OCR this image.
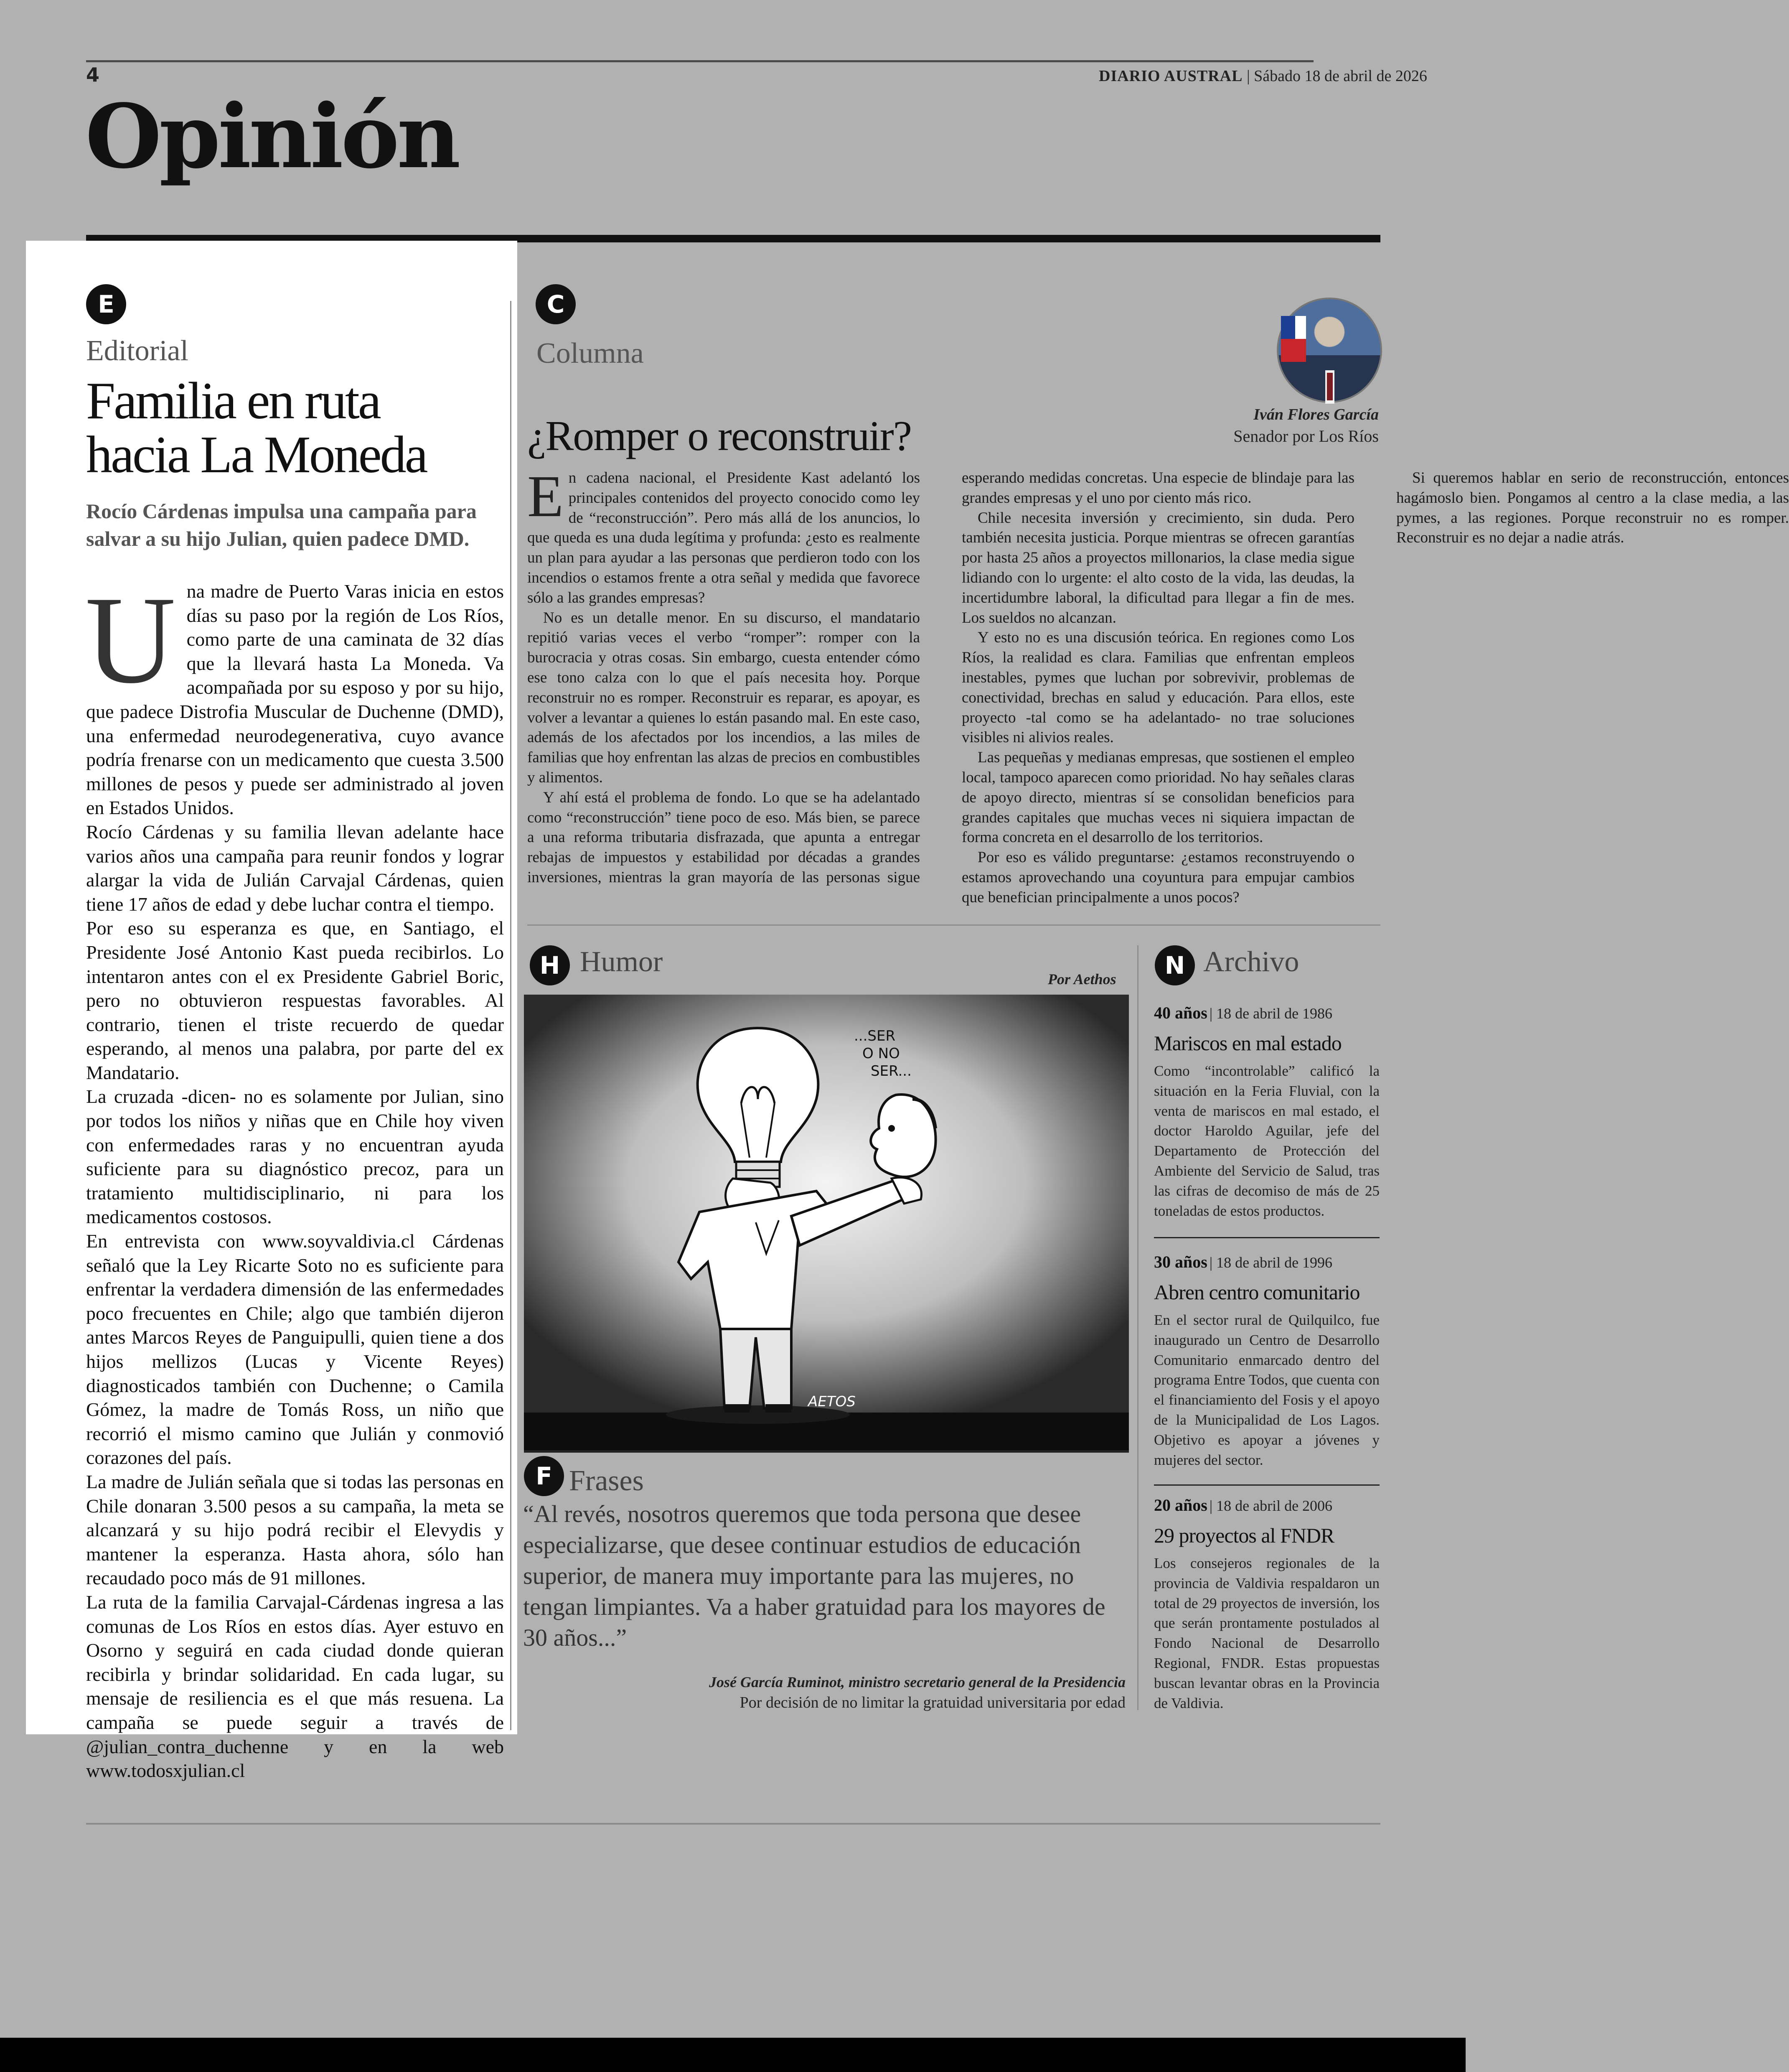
4	DIARIO AUSTRAL | Sábado 18 de abril de 2026
Opinión
E
Editorial
Familia en ruta
hacia La Moneda
Rocío Cárdenas impulsa una campaña para salvar a su hijo Julian, quien padece DMD.

Una madre de Puerto Varas inicia en estos días su paso por la región de Los Ríos, como parte de una caminata de 32 días que la llevará hasta La Moneda. Va acompañada por su esposo y por su hijo, que padece Distrofia Muscular de Duchenne (DMD), una enfermedad neurodegenerativa, cuyo avance podría frenarse con un medicamento que cuesta 3.500 millones de pesos y puede ser administrado al joven en Estados Unidos.

Rocío Cárdenas y su familia llevan adelante hace varios años una campaña para reunir fondos y lograr alargar la vida de Julián Carvajal Cárdenas, quien tiene 17 años de edad y debe luchar contra el tiempo.

Por eso su esperanza es que, en Santiago, el Presidente José Antonio Kast pueda recibirlos. Lo intentaron antes con el ex Presidente Gabriel Boric, pero no obtuvieron respuestas favorables. Al contrario, tienen el triste recuerdo de quedar esperando, al menos una palabra, por parte del ex Mandatario.

La cruzada -dicen- no es solamente por Julian, sino por todos los niños y niñas que en Chile hoy viven con enfermedades raras y no encuentran ayuda suficiente para su diagnóstico precoz, para un tratamiento multidisciplinario, ni para los medicamentos costosos.

En entrevista con www.soyvaldivia.cl Cárdenas señaló que la Ley Ricarte Soto no es suficiente para enfrentar la verdadera dimensión de las enfermedades poco frecuentes en Chile; algo que también dijeron antes Marcos Reyes de Panguipulli, quien tiene a dos hijos mellizos (Lucas y Vicente Reyes) diagnosticados también con Duchenne; o Camila Gómez, la madre de Tomás Ross, un niño que recorrió el mismo camino que Julián y conmovió corazones del país.

La madre de Julián señala que si todas las personas en Chile donaran 3.500 pesos a su campaña, la meta se alcanzará y su hijo podrá recibir el Elevydis y mantener la esperanza. Hasta ahora, sólo han recaudado poco más de 91 millones.

La ruta de la familia Carvajal-Cárdenas ingresa a las comunas de Los Ríos en estos días. Ayer estuvo en Osorno y seguirá en cada ciudad donde quieran recibirla y brindar solidaridad. En cada lugar, su mensaje de resiliencia es el que más resuena. La campaña se puede seguir a través de @julian_contra_duchenne y en la web www.todosxjulian.cl

C
Columna
Iván Flores García
Senador por Los Ríos
¿Romper o reconstruir?

En cadena nacional, el Presidente Kast adelantó los principales contenidos del proyecto conocido como ley de “reconstrucción”. Pero más allá de los anuncios, lo que queda es una duda legítima y profunda: ¿esto es realmente un plan para ayudar a las personas que perdieron todo con los incendios o estamos frente a otra señal y medida que favorece sólo a las grandes empresas?

No es un detalle menor. En su discurso, el mandatario repitió varias veces el verbo “romper”: romper con la burocracia y otras cosas. Sin embargo, cuesta entender cómo ese tono calza con lo que el país necesita hoy. Porque reconstruir no es romper. Reconstruir es reparar, es apoyar, es volver a levantar a quienes lo están pasando mal. En este caso, además de los afectados por los incendios, a las miles de familias que hoy enfrentan las alzas de precios en combustibles y alimentos.

Y ahí está el problema de fondo. Lo que se ha adelantado como “reconstrucción” tiene poco de eso. Más bien, se parece a una reforma tributaria disfrazada, que apunta a entregar rebajas de impuestos y estabilidad por décadas a grandes inversiones, mientras la gran mayoría de las personas sigue esperando medidas concretas. Una especie de blindaje para las grandes empresas y el uno por ciento más rico.

Chile necesita inversión y crecimiento, sin duda. Pero también necesita justicia. Porque mientras se ofrecen garantías por hasta 25 años a proyectos millonarios, la clase media sigue lidiando con lo urgente: el alto costo de la vida, las deudas, la incertidumbre laboral, la dificultad para llegar a fin de mes. Los sueldos no alcanzan.

Y esto no es una discusión teórica. En regiones como Los Ríos, la realidad es clara. Familias que enfrentan empleos inestables, pymes que luchan por sobrevivir, problemas de conectividad, brechas en salud y educación. Para ellos, este proyecto -tal como se ha adelantado- no trae soluciones visibles ni alivios reales.

Las pequeñas y medianas empresas, que sostienen el empleo local, tampoco aparecen como prioridad. No hay señales claras de apoyo directo, mientras sí se consolidan beneficios para grandes capitales que muchas veces ni siquiera impactan de forma concreta en el desarrollo de los territorios.

Por eso es válido preguntarse: ¿estamos reconstruyendo o estamos aprovechando una coyuntura para empujar cambios que benefician principalmente a unos pocos?

Si queremos hablar en serio de reconstrucción, entonces hagámoslo bien. Pongamos al centro a la clase media, a las pymes, a las regiones. Porque reconstruir no es romper. Reconstruir es no dejar a nadie atrás.

H Humor
Por Aethos
...SER
O NO
SER...
AETOS
F Frases
“Al revés, nosotros queremos que toda persona que desee especializarse, que desee continuar estudios de educación superior, de manera muy importante para las mujeres, no tengan limpiantes. Va a haber gratuidad para los mayores de 30 años...”
José García Ruminot, ministro secretario general de la Presidencia
Por decisión de no limitar la gratuidad universitaria por edad
N Archivo
40 años | 18 de abril de 1986
Mariscos en mal estado
Como “incontrolable” calificó la situación en la Feria Fluvial, con la venta de mariscos en mal estado, el doctor Haroldo Aguilar, jefe del Departamento de Protección del Ambiente del Servicio de Salud, tras las cifras de decomiso de más de 25 toneladas de estos productos.
30 años | 18 de abril de 1996
Abren centro comunitario
En el sector rural de Quilquilco, fue inaugurado un Centro de Desarrollo Comunitario enmarcado dentro del programa Entre Todos, que cuenta con el financiamiento del Fosis y el apoyo de la Municipalidad de Los Lagos. Objetivo es apoyar a jóvenes y mujeres del sector.
20 años | 18 de abril de 2006
29 proyectos al FNDR
Los consejeros regionales de la provincia de Valdivia respaldaron un total de 29 proyectos de inversión, los que serán prontamente postulados al Fondo Nacional de Desarrollo Regional, FNDR. Estas propuestas buscan levantar obras en la Provincia de Valdivia.
